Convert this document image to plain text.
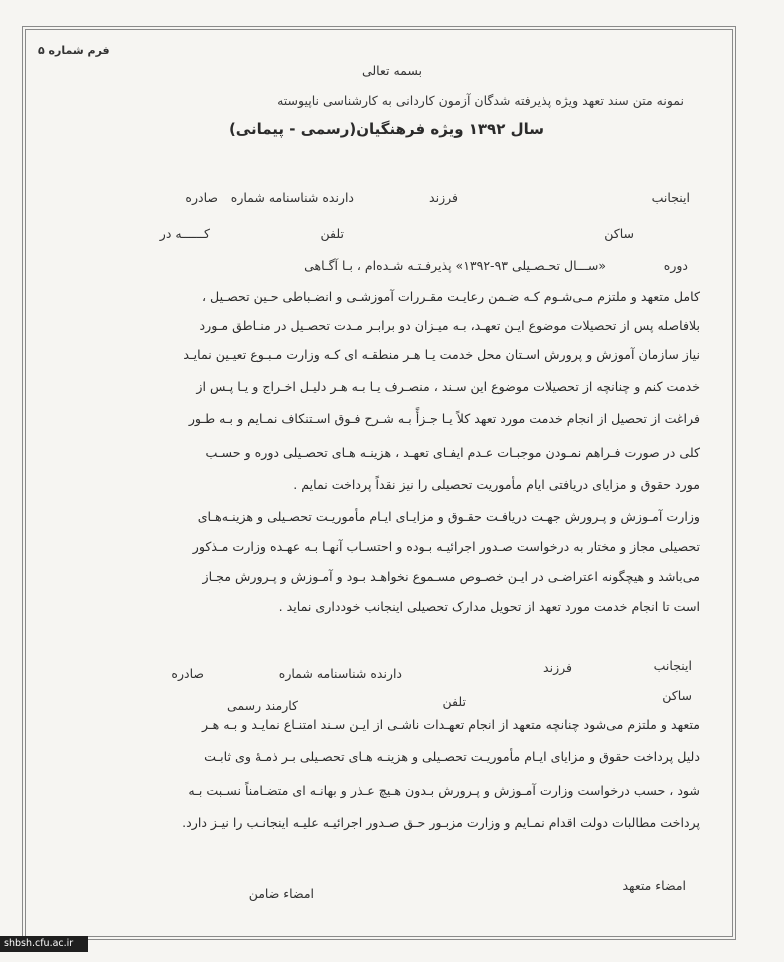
فرم شماره ۵
بسمه تعالی
نمونه متن سند تعهد ویژه پذیرفته شدگان آزمون کاردانی به کارشناسی ناپیوسته
سال ۱۳۹۲ ویژه فرهنگیان(رسمی - پیمانی)
اینجانب
فرزند
دارنده شناسنامه شماره
صادره
ساکن
تلفن
كــــــه در
دوره
«ســـال تحـصـيلی ۹۳-۱۳۹۲» پذیرفـتـه شـده‌ام ، بـا آگـاهی
کامل متعهد و ملتزم مـی‌شـوم کـه ضـمن رعایـت مقـررات آموزشـی و انضـباطی حـین تحصـیل ،
بلافاصله پس از تحصیلات موضوع ایـن تعهـد، بـه میـزان دو برابـر مـدت تحصـیل در منـاطق مـورد
نیاز سازمان آموزش و پرورش اسـتان محل خدمت یـا هـر منطقـه ای کـه وزارت مـبـوع تعیـین نمایـد
خدمت کنم و چنانچه از تحصیلات موضوع این سـند ، منصـرف یـا بـه هـر دلیـل اخـراج و یـا پـس از
فراغت از تحصیل از انجام خدمت مورد تعهد کلاً یـا جـزأً بـه شـرح فـوق اسـتنکاف نمـایم و بـه طـور
کلی در صورت فـراهم نمـودن موجبـات عـدم ایفـای تعهـد ، هزینـه هـای تحصـیلی دوره و حسـب
مورد حقوق و مزایای دریافتی ایام مأموریت تحصیلی را نیز نقداً پرداخت نمایم .
وزارت آمـوزش و پـرورش جهـت دریافـت حقـوق و مزایـای ایـام مأموریـت تحصـیلی و هزینـه‌هـای
تحصیلی مجاز و مختار به درخواست صـدور اجرائیـه بـوده و احتسـاب آنهـا بـه عهـده وزارت مـذکور
می‌باشد و هیچگونه اعتراضـی در ایـن خصـوص مسـموع نخواهـد بـود و آمـوزش و پـرورش مجـاز
است تا انجام خدمت مورد تعهد از تحویل مدارک تحصیلی اینجانب خودداری نماید .
اینجانب
فرزند
دارنده شناسنامه شماره
صادره
ساکن
تلفن
کارمند رسمی
متعهد و ملتزم می‌شود چنانچه متعهد از انجام تعهـدات ناشـی از ایـن سـند امتنـاع نمایـد و بـه هـر
دلیل پرداخت حقوق و مزایای ایـام مأموریـت تحصـیلی و هزینـه هـای تحصـیلی بـر ذمـهٔ وی ثابـت
شود ، حسب درخواست وزارت آمـوزش و پـرورش بـدون هـیچ عـذر و بهانـه ای متضـامناً نسـبت بـه
پرداخت مطالبات دولت اقدام نمـایم و وزارت مزبـور حـق صـدور اجرائیـه علیـه اینجانـب را نیـز دارد.
امضاء متعهد
امضاء ضامن
shbsh.cfu.ac.ir
